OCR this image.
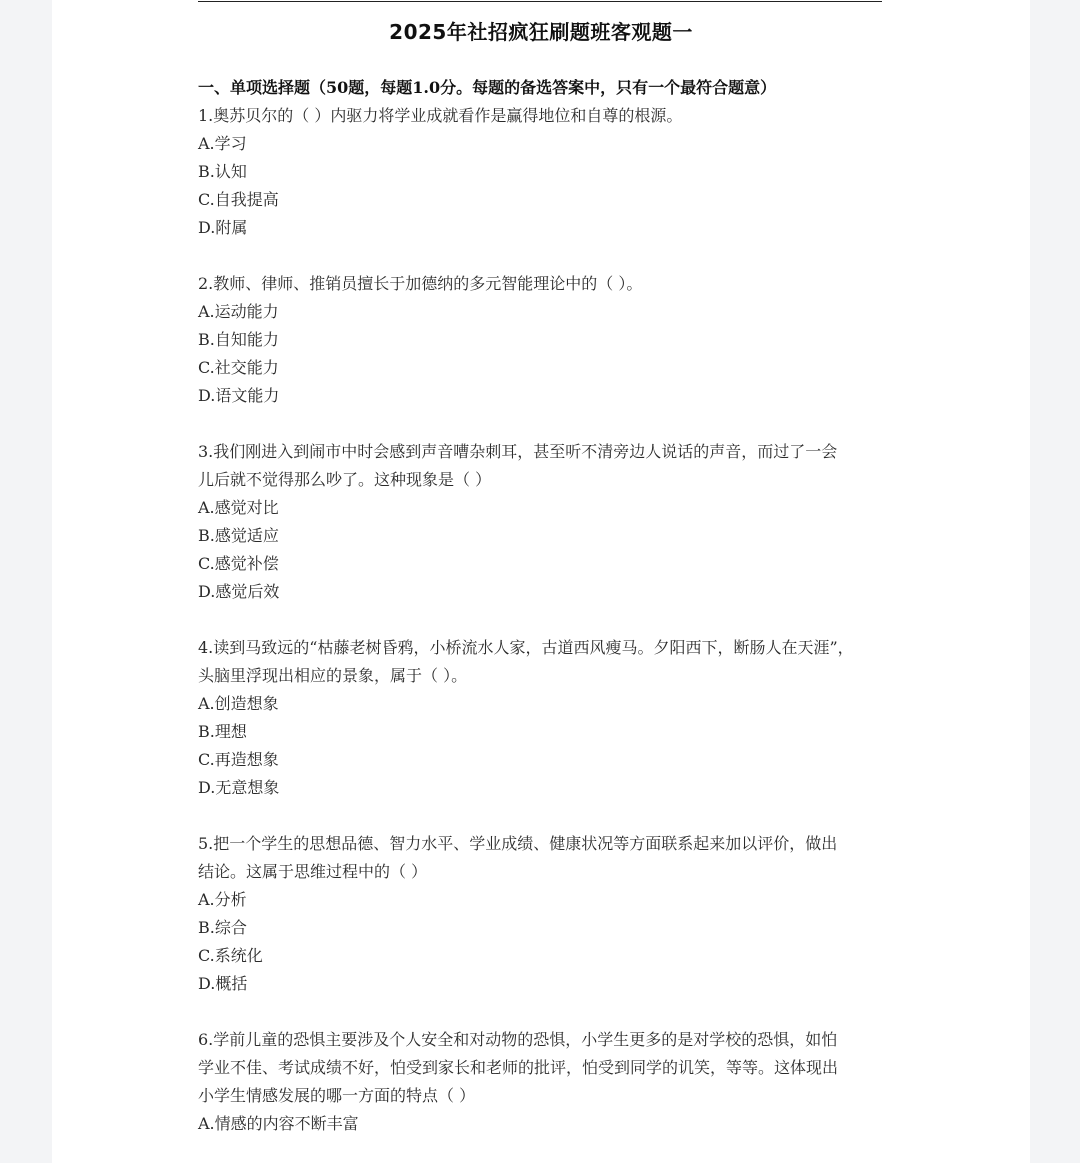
2025年社招疯狂刷题班客观题一
一、单项选择题（50题，每题1.0分。每题的备选答案中，只有一个最符合题意）
1.奥苏贝尔的（ ）内驱力将学业成就看作是赢得地位和自尊的根源。
A.学习
B.认知
C.自我提高
D.附属
2.教师、律师、推销员擅长于加德纳的多元智能理论中的（ ）。
A.运动能力
B.自知能力
C.社交能力
D.语文能力
3.我们刚进入到闹市中时会感到声音嘈杂刺耳，甚至听不清旁边人说话的声音，而过了一会
儿后就不觉得那么吵了。这种现象是（ ）
A.感觉对比
B.感觉适应
C.感觉补偿
D.感觉后效
4.读到马致远的“枯藤老树昏鸦，小桥流水人家，古道西风瘦马。夕阳西下，断肠人在天涯”，
头脑里浮现出相应的景象，属于（ ）。
A.创造想象
B.理想
C.再造想象
D.无意想象
5.把一个学生的思想品德、智力水平、学业成绩、健康状况等方面联系起来加以评价，做出
结论。这属于思维过程中的（ ）
A.分析
B.综合
C.系统化
D.概括
6.学前儿童的恐惧主要涉及个人安全和对动物的恐惧，小学生更多的是对学校的恐惧，如怕
学业不佳、考试成绩不好，怕受到家长和老师的批评，怕受到同学的讥笑，等等。这体现出
小学生情感发展的哪一方面的特点（ ）
A.情感的内容不断丰富
